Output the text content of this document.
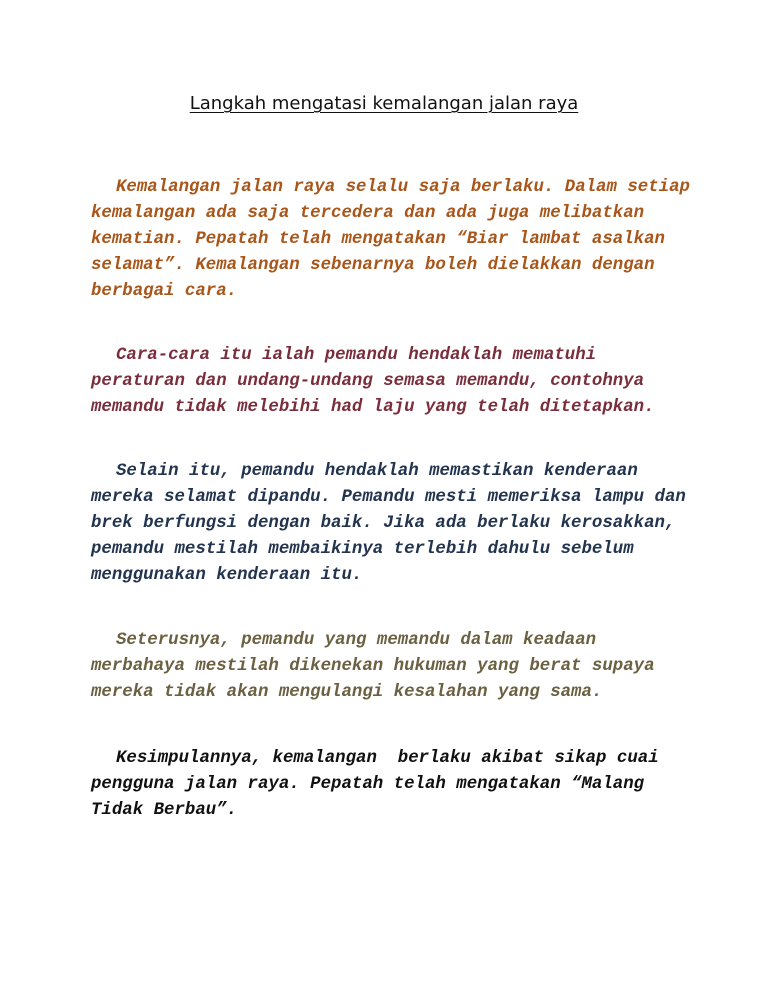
Langkah mengatasi kemalangan jalan raya

Kemalangan jalan raya selalu saja berlaku. Dalam setiap kemalangan ada saja tercedera dan ada juga melibatkan kematian. Pepatah telah mengatakan “Biar lambat asalkan selamat”. Kemalangan sebenarnya boleh dielakkan dengan berbagai cara.

Cara-cara itu ialah pemandu hendaklah mematuhi peraturan dan undang-undang semasa memandu, contohnya memandu tidak melebihi had laju yang telah ditetapkan.

Selain itu, pemandu hendaklah memastikan kenderaan mereka selamat dipandu. Pemandu mesti memeriksa lampu dan brek berfungsi dengan baik. Jika ada berlaku kerosakkan, pemandu mestilah membaikinya terlebih dahulu sebelum menggunakan kenderaan itu.

Seterusnya, pemandu yang memandu dalam keadaan merbahaya mestilah dikenekan hukuman yang berat supaya mereka tidak akan mengulangi kesalahan yang sama.

Kesimpulannya, kemalangan  berlaku akibat sikap cuai pengguna jalan raya. Pepatah telah mengatakan “Malang Tidak Berbau”.
